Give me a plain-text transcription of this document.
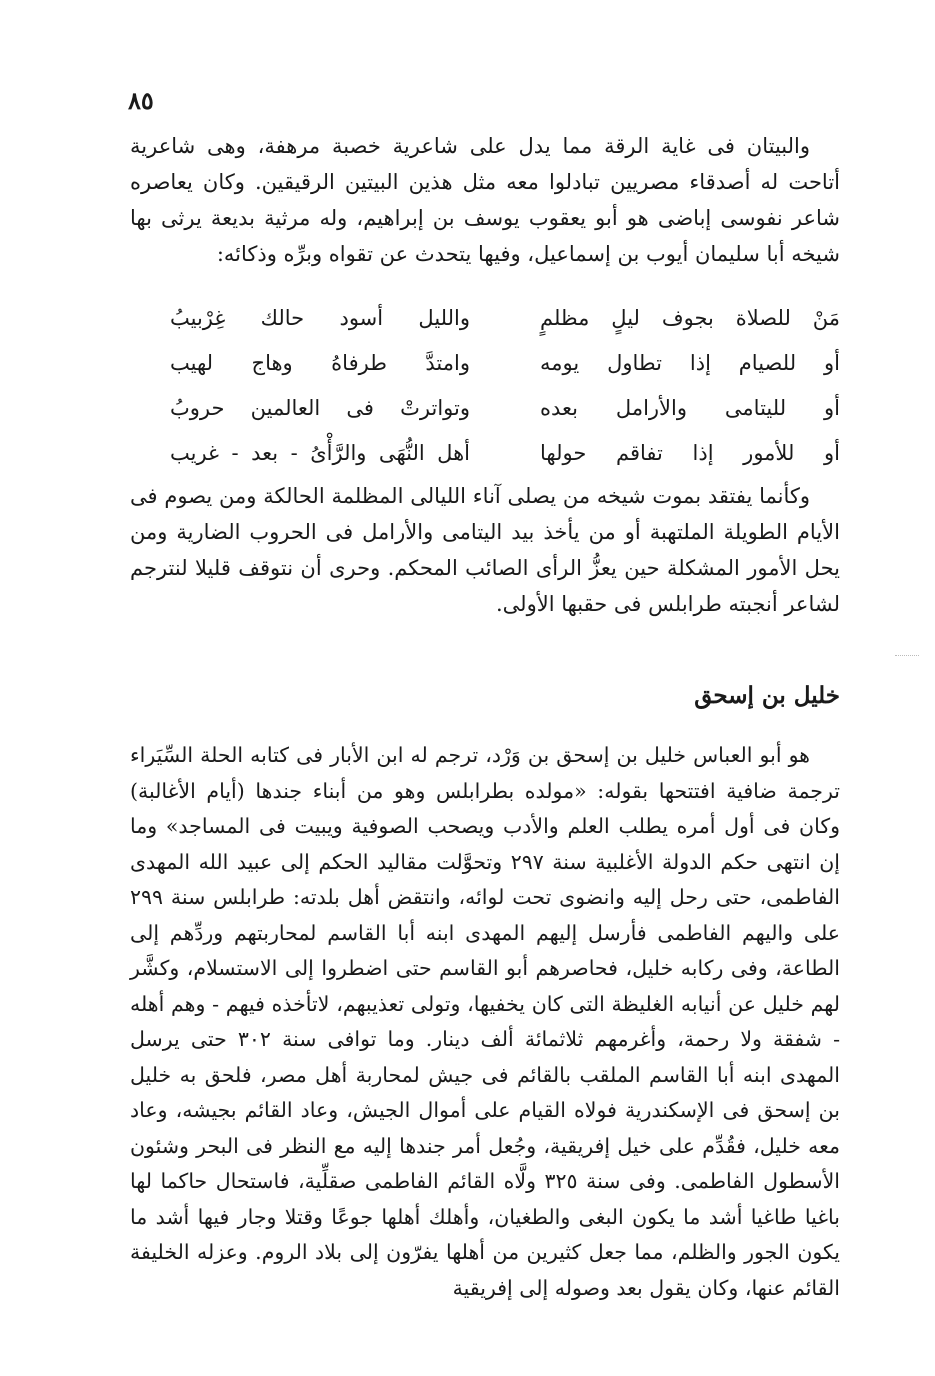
٨٥

والبيتان فى غاية الرقة مما يدل على شاعرية خصبة مرهفة، وهى شاعرية أتاحت له أصدقاء مصريين تبادلوا معه مثل هذين البيتين الرقيقين. وكان يعاصره شاعر نفوسى إباضى هو أبو يعقوب يوسف بن إبراهيم، وله مرثية بديعة يرثى بها شيخه أبا سليمان أيوب بن إسماعيل، وفيها يتحدث عن تقواه وبرِّه وذكائه:

مَنْ للصلاة بجوف ليلٍ مظلمٍ
والليل أسود حالك غِرْبيبُ
أو للصيام إذا تطاول يومه
وامتدَّ طرفاهُ وهاج لهيب
أو لليتامى والأرامل بعده
وتواترتْ فى العالمين حروبُ
أو للأمور إذا تفاقم حولها
أهل النُّهَى والرَّأْىُ - بعد - غريب

وكأنما يفتقد بموت شيخه من يصلى آناء الليالى المظلمة الحالكة ومن يصوم فى الأيام الطويلة الملتهبة أو من يأخذ بيد اليتامى والأرامل فى الحروب الضارية ومن يحل الأمور المشكلة حين يعزُّ الرأى الصائب المحكم. وحرى أن نتوقف قليلا لنترجم لشاعر أنجبته طرابلس فى حقبها الأولى.

خليل بن إسحق

هو أبو العباس خليل بن إسحق بن وَرْد، ترجم له ابن الأبار فى كتابه الحلة السِّيَراء ترجمة ضافية افتتحها بقوله: «مولده بطرابلس وهو من أبناء جندها (أيام الأغالبة) وكان فى أول أمره يطلب العلم والأدب ويصحب الصوفية ويبيت فى المساجد» وما إن انتهى حكم الدولة الأغلبية سنة ٢٩٧ وتحوَّلت مقاليد الحكم إلى عبيد الله المهدى الفاطمى، حتى رحل إليه وانضوى تحت لوائه، وانتقض أهل بلدته: طرابلس سنة ٢٩٩ على واليهم الفاطمى فأرسل إليهم المهدى ابنه أبا القاسم لمحاربتهم وردِّهم إلى الطاعة، وفى ركابه خليل، فحاصرهم أبو القاسم حتى اضطروا إلى الاستسلام، وكشَّر لهم خليل عن أنيابه الغليظة التى كان يخفيها، وتولى تعذيبهم، لاتأخذه فيهم - وهم أهله - شفقة ولا رحمة، وأغرمهم ثلاثمائة ألف دينار. وما توافى سنة ٣٠٢ حتى يرسل المهدى ابنه أبا القاسم الملقب بالقائم فى جيش لمحاربة أهل مصر، فلحق به خليل بن إسحق فى الإسكندرية فولاه القيام على أموال الجيش، وعاد القائم بجيشه، وعاد معه خليل، فقُدِّم على خيل إفريقية، وجُعل أمر جندها إليه مع النظر فى البحر وشئون الأسطول الفاطمى. وفى سنة ٣٢٥ ولَّاه القائم الفاطمى صقلِّية، فاستحال حاكما لها باغيا طاغيا أشد ما يكون البغى والطغيان، وأهلك أهلها جوعًا وقتلا وجار فيها أشد ما يكون الجور والظلم، مما جعل كثيرين من أهلها يفرّون إلى بلاد الروم. وعزله الخليفة القائم عنها، وكان يقول بعد وصوله إلى إفريقية
